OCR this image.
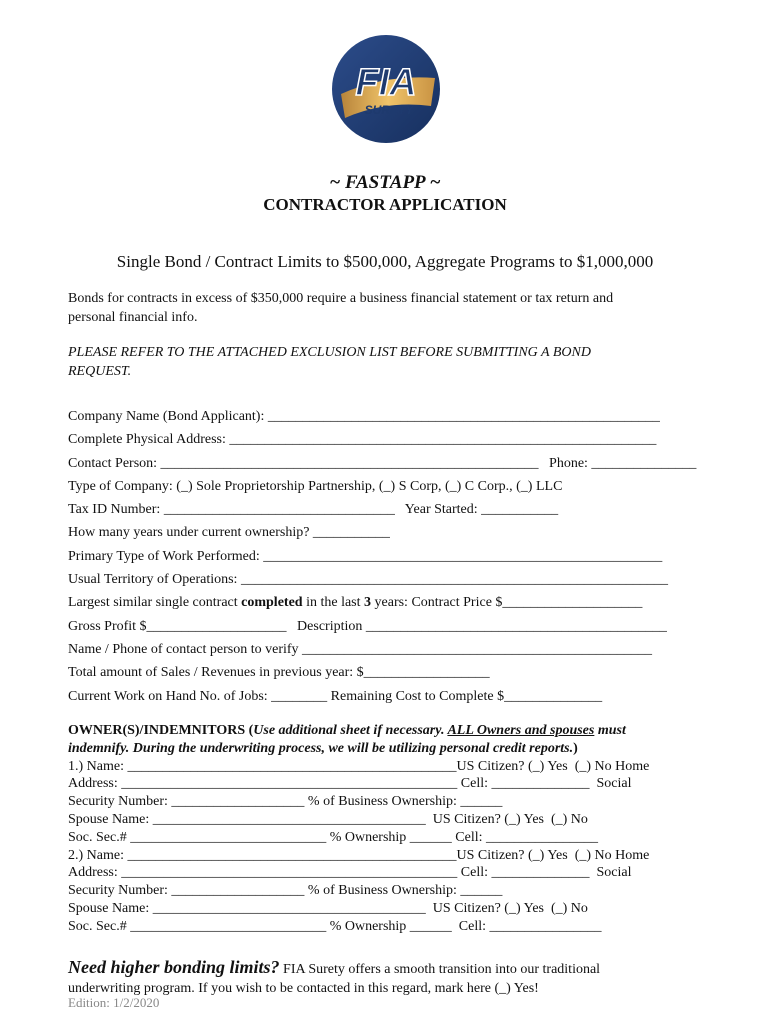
FIA
SURETY
~ FASTAPP ~
CONTRACTOR APPLICATION
Single Bond / Contract Limits to $500,000, Aggregate Programs to $1,000,000
Bonds for contracts in excess of $350,000 require a business financial statement or tax return and
personal financial info.
PLEASE REFER TO THE ATTACHED EXCLUSION LIST BEFORE SUBMITTING A BOND
REQUEST.
Company Name (Bond Applicant): ________________________________________________________
Complete Physical Address: _____________________________________________________________
Contact Person: ______________________________________________________   Phone: _______________
Type of Company: (_) Sole Proprietorship Partnership, (_) S Corp, (_) C Corp., (_) LLC
Tax ID Number: _________________________________   Year Started: ___________
How many years under current ownership? ___________
Primary Type of Work Performed: _________________________________________________________
Usual Territory of Operations: _____________________________________________________________
Largest similar single contract completed in the last 3 years: Contract Price $____________________
Gross Profit $____________________   Description ___________________________________________
Name / Phone of contact person to verify __________________________________________________
Total amount of Sales / Revenues in previous year: $__________________
Current Work on Hand No. of Jobs: ________ Remaining Cost to Complete $______________
OWNER(S)/INDEMNITORS (Use additional sheet if necessary. ALL Owners and spouses must
indemnify. During the underwriting process, we will be utilizing personal credit reports.)
1.) Name: _______________________________________________US Citizen? (_) Yes  (_) No Home
Address: ________________________________________________ Cell: ______________  Social
Security Number: ___________________ % of Business Ownership: ______
Spouse Name: _______________________________________  US Citizen? (_) Yes  (_) No
Soc. Sec.# ____________________________ % Ownership ______ Cell: ________________
2.) Name: _______________________________________________US Citizen? (_) Yes  (_) No Home
Address: ________________________________________________ Cell: ______________  Social
Security Number: ___________________ % of Business Ownership: ______
Spouse Name: _______________________________________  US Citizen? (_) Yes  (_) No
Soc. Sec.# ____________________________ % Ownership ______  Cell: ________________
Need higher bonding limits? FIA Surety offers a smooth transition into our traditional
underwriting program. If you wish to be contacted in this regard, mark here (_) Yes!
Edition: 1/2/2020
